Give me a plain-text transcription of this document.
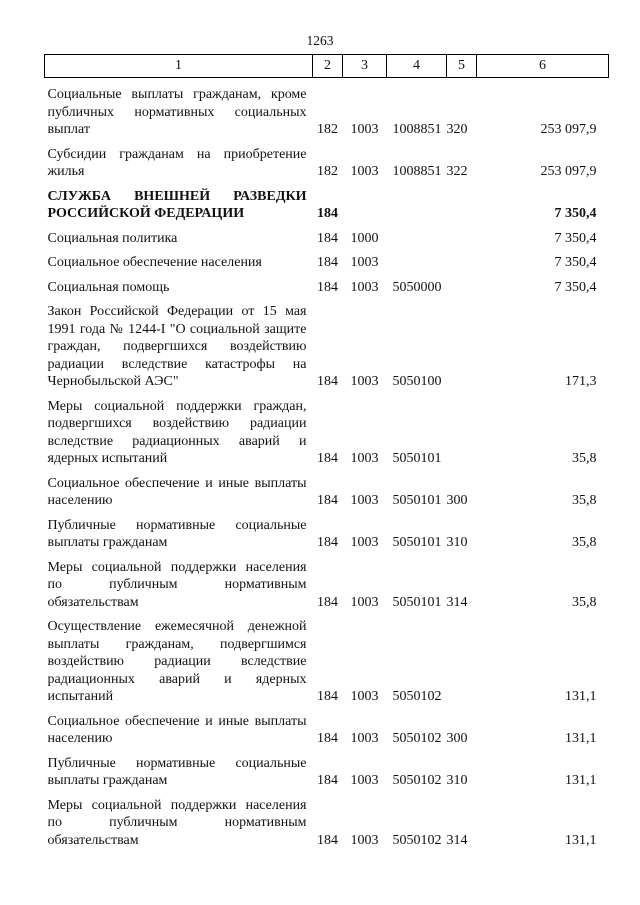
1263
1	2	3	4	5	6
Социальные выплаты гражданам, кроме публичных нормативных социальных выплат	182	1003	1008851	320	253 097,9
Субсидии гражданам на приобретение жилья	182	1003	1008851	322	253 097,9
СЛУЖБА ВНЕШНЕЙ РАЗВЕДКИ РОССИЙСКОЙ ФЕДЕРАЦИИ	184				7 350,4
Социальная политика	184	1000			7 350,4
Социальное обеспечение населения	184	1003			7 350,4
Социальная помощь	184	1003	5050000		7 350,4
Закон Российской Федерации от 15 мая 1991 года № 1244-I "О социальной защите граждан, подвергшихся воздействию радиации вследствие катастрофы на Чернобыльской АЭС"	184	1003	5050100		171,3
Меры социальной поддержки граждан, подвергшихся воздействию радиации вследствие радиационных аварий и ядерных испытаний	184	1003	5050101		35,8
Социальное обеспечение и иные выплаты населению	184	1003	5050101	300	35,8
Публичные нормативные социальные выплаты гражданам	184	1003	5050101	310	35,8
Меры социальной поддержки населения по публичным нормативным обязательствам	184	1003	5050101	314	35,8
Осуществление ежемесячной денежной выплаты гражданам, подвергшимся воздействию радиации вследствие радиационных аварий и ядерных испытаний	184	1003	5050102		131,1
Социальное обеспечение и иные выплаты населению	184	1003	5050102	300	131,1
Публичные нормативные социальные выплаты гражданам	184	1003	5050102	310	131,1
Меры социальной поддержки населения по публичным нормативным обязательствам	184	1003	5050102	314	131,1
